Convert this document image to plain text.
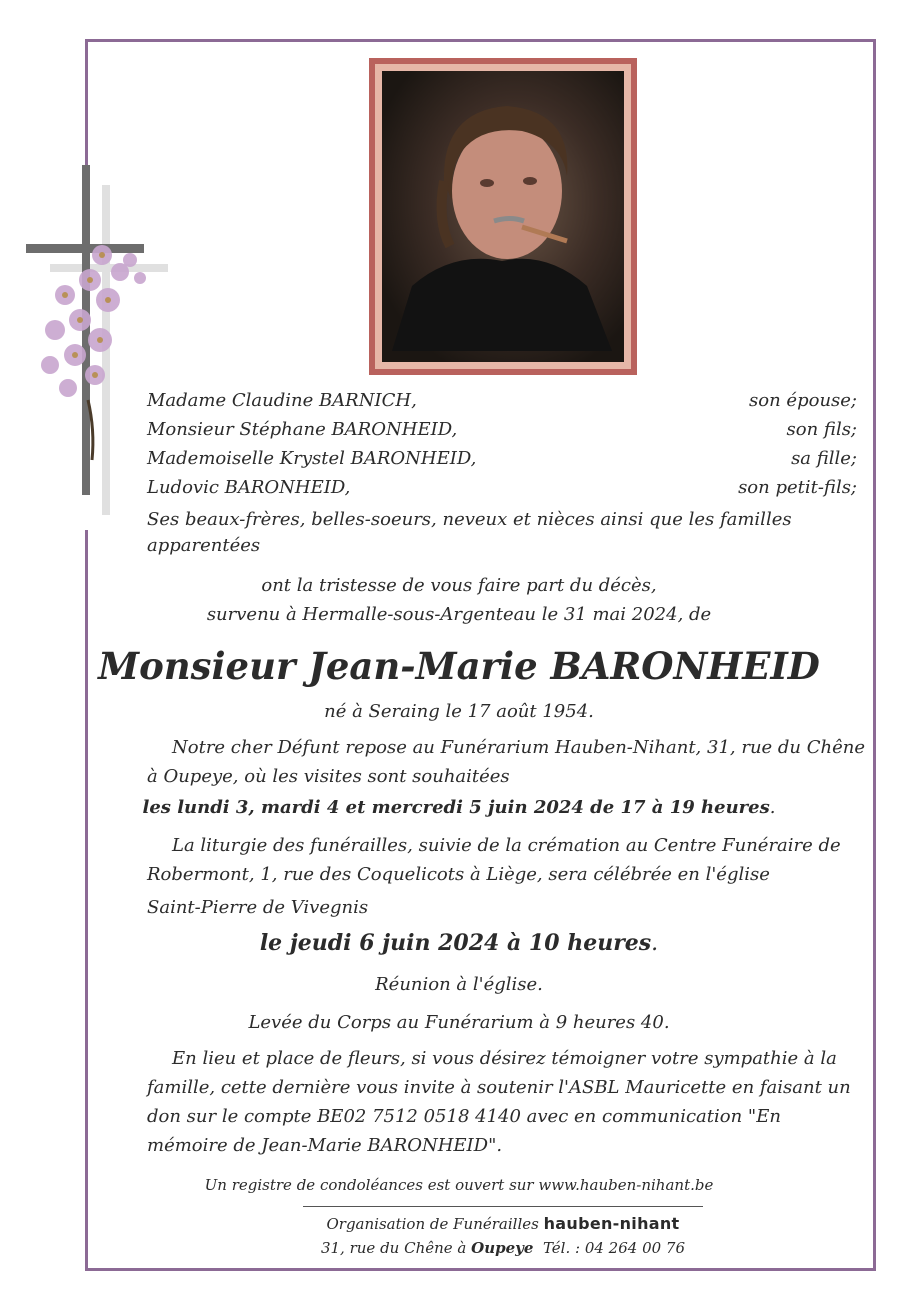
Madame Claudine BARNICH,	son épouse;
Monsieur Stéphane BARONHEID,	son fils;
Mademoiselle Krystel BARONHEID,	sa fille;
Ludovic BARONHEID,	son petit-fils;
Ses beaux-frères, belles-soeurs, neveux et nièces ainsi que les familles
apparentées
ont la tristesse de vous faire part du décès,
survenu à Hermalle-sous-Argenteau le 31 mai 2024, de
Monsieur Jean-Marie BARONHEID
né à Seraing le 17 août 1954.
Notre cher Défunt repose au Funérarium Hauben-Nihant, 31, rue du Chêne
à Oupeye, où les visites sont souhaitées
les lundi 3, mardi 4 et mercredi 5 juin 2024 de 17 à 19 heures.
La liturgie des funérailles, suivie de la crémation au Centre Funéraire de
Robermont, 1, rue des Coquelicots à Liège, sera célébrée en l'église
Saint-Pierre de Vivegnis
le jeudi 6 juin 2024 à 10 heures.
Réunion à l'église.
Levée du Corps au Funérarium à 9 heures 40.
En lieu et place de fleurs, si vous désirez témoigner votre sympathie à la
famille, cette dernière vous invite à soutenir l'ASBL Mauricette en faisant un
don sur le compte BE02 7512 0518 4140 avec en communication "En
mémoire de Jean-Marie BARONHEID".
Un registre de condoléances est ouvert sur www.hauben-nihant.be
Organisation de Funérailles hauben-nihant
31, rue du Chêne à Oupeye  Tél. : 04 264 00 76
